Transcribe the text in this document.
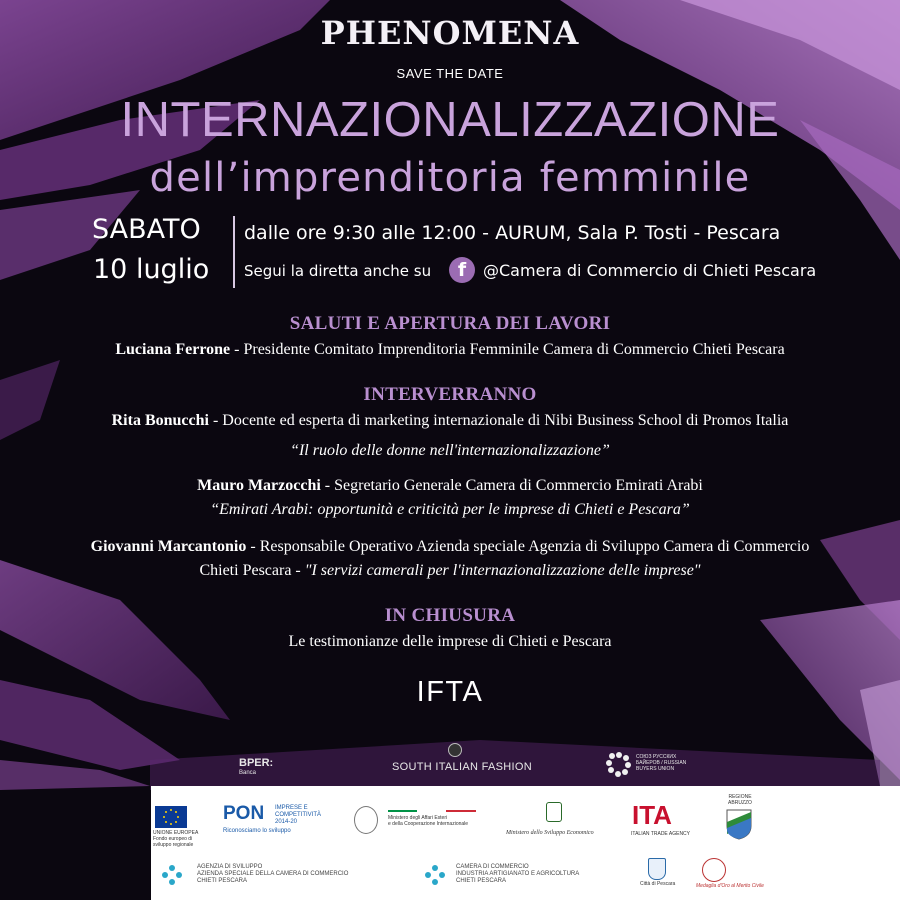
PHENOMENA
SAVE THE DATE
INTERNAZIONALIZZAZIONE
dell’imprenditoria femminile
SABATO
10 luglio
dalle ore 9:30 alle 12:00 - AURUM, Sala P. Tosti - Pescara
Segui la diretta anche su	f	@Camera di Commercio di Chieti Pescara
SALUTI E APERTURA DEI LAVORI
Luciana Ferrone - Presidente Comitato Imprenditoria Femminile Camera di Commercio Chieti Pescara
INTERVERRANNO
Rita Bonucchi - Docente ed esperta di marketing internazionale di Nibi Business School di Promos Italia
“Il ruolo delle donne nell'internazionalizzazione”
Mauro Marzocchi - Segretario Generale Camera di Commercio Emirati Arabi
“Emirati Arabi: opportunità e criticità per le imprese di Chieti e Pescara”
Giovanni Marcantonio - Responsabile Operativo Azienda speciale Agenzia di Sviluppo Camera di Commercio
Chieti Pescara - "I servizi camerali per l'internazionalizzazione delle imprese"
IN CHIUSURA
Le testimonianze delle imprese di Chieti e Pescara
IFTA
BPER:
Banca	SOUTH ITALIAN FASHION
СОЮЗ РУССКИХ
БАЙЕРОВ / RUSSIAN
BUYERS UNION
UNIONE EUROPEA
Fondo europeo di sviluppo regionale
PON IMPRESE E
COMPETITIVITÀ
2014-20
Riconosciamo lo sviluppo
Ministero degli Affari Esteri
e della Cooperazione Internazionale
Ministero dello Sviluppo Economico
ITA
ITALIAN TRADE AGENCY
REGIONE
ABRUZZO
AGENZIA DI SVILUPPO
AZIENDA SPECIALE DELLA CAMERA DI COMMERCIO
CHIETI PESCARA
CAMERA DI COMMERCIO
INDUSTRIA ARTIGIANATO E AGRICOLTURA
CHIETI PESCARA	Città di Pescara	Medaglia d'Oro al Merito Civile
